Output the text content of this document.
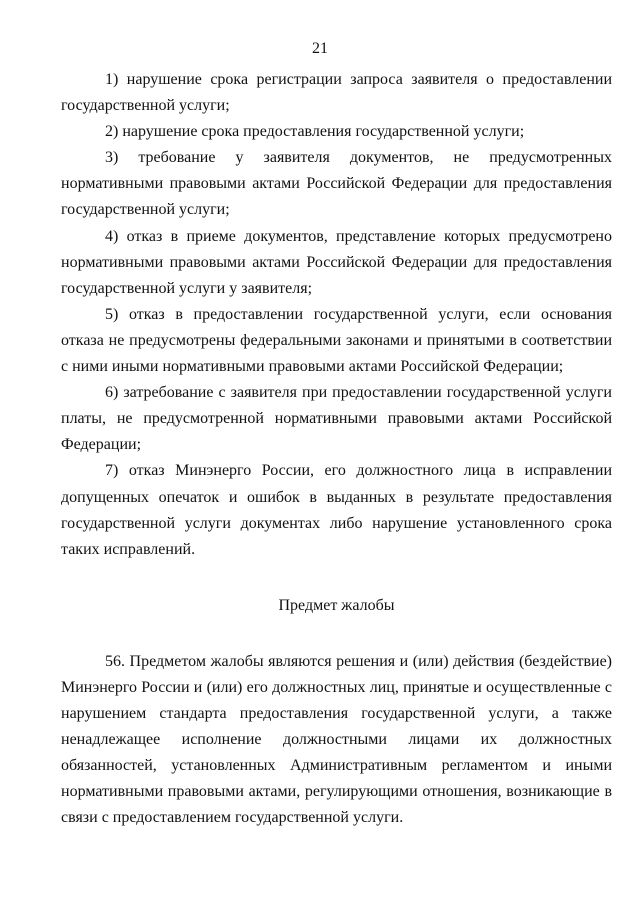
21

1) нарушение срока регистрации запроса заявителя о предоставлении государственной услуги;

2) нарушение срока предоставления государственной услуги;

3) требование у заявителя документов, не предусмотренных нормативными правовыми актами Российской Федерации для предоставления государственной услуги;

4) отказ в приеме документов, представление которых предусмотрено нормативными правовыми актами Российской Федерации для предоставления государственной услуги у заявителя;

5) отказ в предоставлении государственной услуги, если основания отказа не предусмотрены федеральными законами и принятыми в соответствии с ними иными нормативными правовыми актами Российской Федерации;

6) затребование с заявителя при предоставлении государственной услуги платы, не предусмотренной нормативными правовыми актами Российской Федерации;

7) отказ Минэнерго России, его должностного лица в исправлении допущенных опечаток и ошибок в выданных в результате предоставления государственной услуги документах либо нарушение установленного срока таких исправлений.

Предмет жалобы

56. Предметом жалобы являются решения и (или) действия (бездействие) Минэнерго России и (или) его должностных лиц, принятые и осуществленные с нарушением стандарта предоставления государственной услуги, а также ненадлежащее исполнение должностными лицами их должностных обязанностей, установленных Административным регламентом и иными нормативными правовыми актами, регулирующими отношения, возникающие в связи с предоставлением государственной услуги.
